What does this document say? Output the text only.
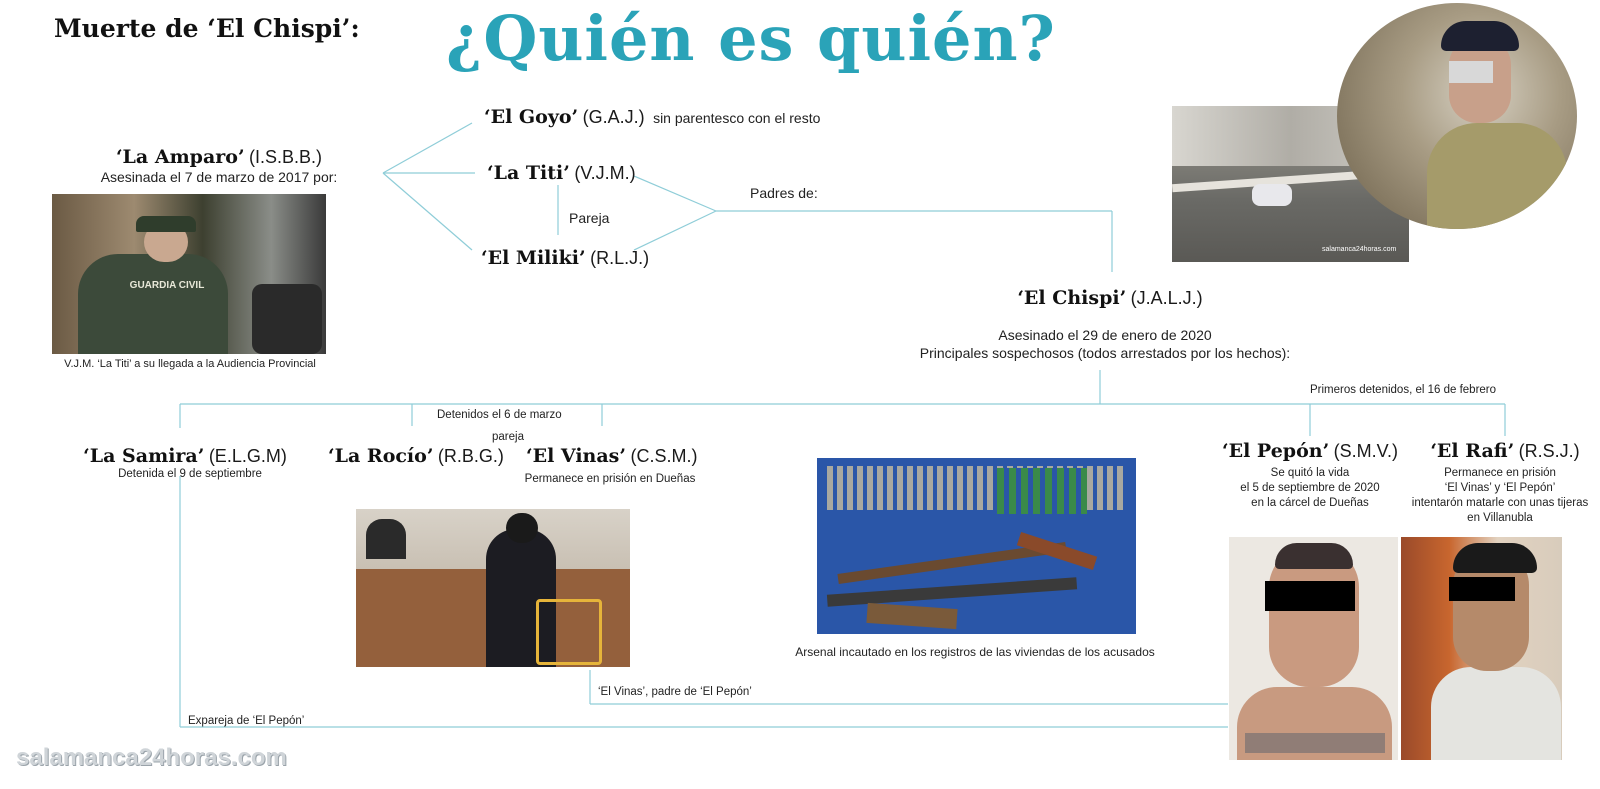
Muerte de ‘El Chispi’: ¿Quién es quién?
‘La Amparo’ (I.S.B.B.)
Asesinada el 7 de marzo de 2017 por:
GUARDIA CIVIL
V.J.M. ‘La Titi’ a su llegada a la Audiencia Provincial
‘El Goyo’ (G.A.J.) sin parentesco con el resto
‘La Titi’ (V.J.M.)
Pareja
‘El Miliki’ (R.L.J.)
Padres de:
salamanca24horas.com
‘El Chispi’ (J.A.L.J.)
Asesinado el 29 de enero de 2020
Principales sospechosos (todos arrestados por los hechos):
Primeros detenidos, el 16 de febrero
Detenidos el 6 de marzo
pareja
‘La Samira’ (E.L.G.M)
Detenida el 9 de septiembre
‘La Rocío’ (R.B.G.) ‘El Vinas’ (C.S.M.)
Permanece en prisión en Dueñas
Arsenal incautado en los registros de las viviendas de los acusados
‘El Vinas’, padre de ‘El Pepón’
Expareja de ‘El Pepón’
‘El Pepón’ (S.M.V.)
Se quitó la vida
el 5 de septiembre de 2020
en la cárcel de Dueñas
‘El Rafi’ (R.S.J.)
Permanece en prisión
‘El Vinas’ y ‘El Pepón’
intentarón matarle con unas tijeras
en Villanubla
salamanca24horas.com
